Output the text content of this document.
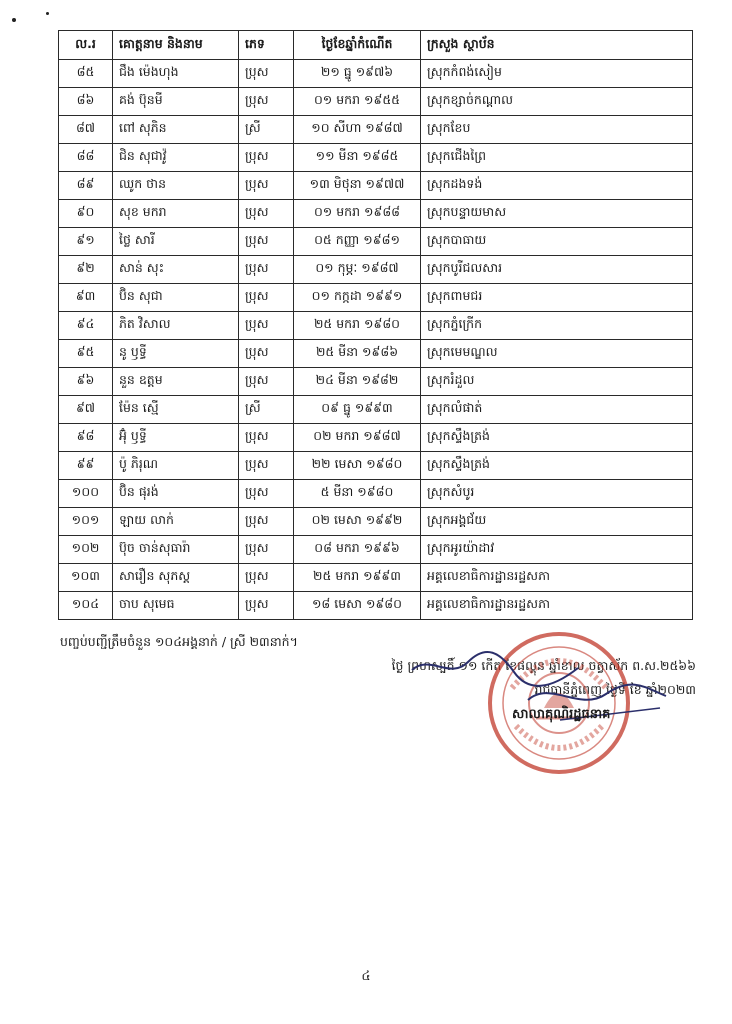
ល.រ	គោត្តនាម និងនាម	ភេទ	ថ្ងៃខែឆ្នាំកំណើត	ក្រសួង ស្ថាប័ន
៨៥	ជឹង ម៉េងហុង	ប្រុស	២១ ធ្នូ ១៩៧៦	ស្រុកកំពង់សៀម
៨៦	គង់ ប៊ុនមី	ប្រុស	០១ មករា ១៩៥៥	ស្រុកខ្សាច់កណ្ដាល
៨៧	ពៅ សុភិន	ស្រី	១០ សីហា ១៩៨៧	ស្រុកខែប
៨៨	ជិន សុជាវ៉ូ	ប្រុស	១១ មីនា ១៩៨៥	ស្រុកជើងព្រៃ
៨៩	ឈូក ថាន	ប្រុស	១៣ មិថុនា ១៩៧៧	ស្រុកដងទង់
៩០	សុខ មករា	ប្រុស	០១ មករា ១៩៨៨	ស្រុកបន្ទាយមាស
៩១	ថ្លៃ សារី	ប្រុស	០៥ កញ្ញា ១៩៨១	ស្រុកបាធាយ
៩២	សាន់ សុះ	ប្រុស	០១ កុម្ភៈ ១៩៨៧	ស្រុកបូរីជលសារ
៩៣	ប៊ិន សុជា	ប្រុស	០១ កក្កដា ១៩៩១	ស្រុកពាមជរ
៩៤	ភិត វិសាល	ប្រុស	២៥ មករា ១៩៨០	ស្រុកភ្នំក្រើក
៩៥	នូ ឫទ្ធី	ប្រុស	២៥ មីនា ១៩៨៦	ស្រុកមេមណ្ឌល
៩៦	នួន ឧត្តម	ប្រុស	២៤ មីនា ១៩៨២	ស្រុករំដួល
៩៧	ម៉ែន ស្មើ	ស្រី	០៩ ធ្នូ ១៩៩៣	ស្រុកលំផាត់
៩៨	អ៊ុំ ឫទ្ធី	ប្រុស	០២ មករា ១៩៨៧	ស្រុកស្ទឹងត្រង់
៩៩	ប៉ូ ភិរុណ	ប្រុស	២២ មេសា ១៩៨០	ស្រុកស្ទឹងត្រង់
១០០	ប៊ិន ផុរង់	ប្រុស	៥ មីនា ១៩៨០	ស្រុកសំបូរ
១០១	ឡាយ លាក់	ប្រុស	០២ មេសា ១៩៩២	ស្រុកអង្គជ័យ
១០២	ប៊ុច ចាន់សុធារ៉ា	ប្រុស	០៨ មករា ១៩៩៦	ស្រុកអូរយ៉ាដាវ
១០៣	សារឿន សុភស្ត	ប្រុស	២៥ មករា ១៩៩៣	អគ្គលេខាធិការដ្ឋានរដ្ឋសភា
១០៤	ចាប សុមេធ	ប្រុស	១៨ មេសា ១៩៨០	អគ្គលេខាធិការដ្ឋានរដ្ឋសភា
បញ្ចប់បញ្ជីត្រឹមចំនួន ១០៤អង្គនាក់ / ស្រី ២៣នាក់។
ថ្ងៃ ព្រហស្បតិ៍ ១១ កើត ខែផល្គុន ឆ្នាំខាល ចត្វាស័ក ព.ស.២៥៦៦
រាជធានីភ្នំពេញ ថ្ងៃទី ខែ ឆ្នាំ២០២៣
សាលាគុណិរដ្ឋធនាគ
៤
